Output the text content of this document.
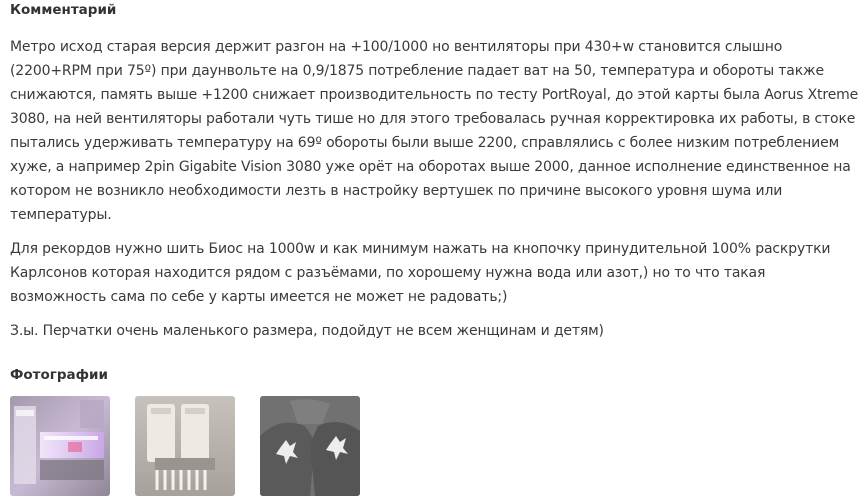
Комментарий

Метро исход старая версия держит разгон на +100/1000 но вентиляторы при 430+w становится слышно (2200+RPM при 75º) при даунвольте на 0,9/1875 потребление падает ват на 50, температура и обороты также снижаются, память выше +1200 снижает производительность по тесту PortRoyal, до этой карты была Aorus Xtreme 3080, на ней вентиляторы работали чуть тише но для этого требовалась ручная корректировка их работы, в стоке пытались удерживать температуру на 69º обороты были выше 2200, справлялись с более низким потреблением хуже, а например 2pin Gigabite Vision 3080 уже орёт на оборотах выше 2000, данное исполнение единственное на котором не возникло необходимости лезть в настройку вертушек по причине высокого уровня шума или температуры.

Для рекордов нужно шить Биос на 1000w и как минимум нажать на кнопочку принудительной 100% раскрутки Карлсонов которая находится рядом с разъёмами, по хорошему нужна вода или азот,) но то что такая возможность сама по себе у карты имеется не может не радовать;)

З.ы. Перчатки очень маленького размера, подойдут не всем женщинам и детям)

Фотографии
